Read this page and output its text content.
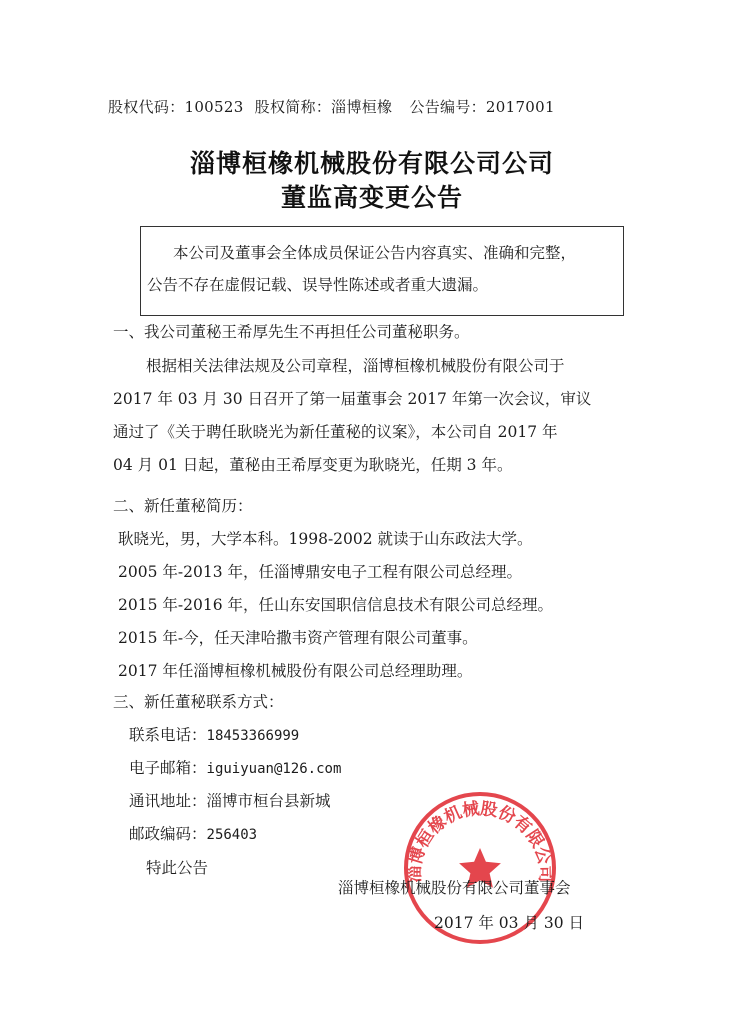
股权代码：100523 股权简称：淄博桓橡 公告编号：2017001
淄博桓橡机械股份有限公司公司
董监高变更公告

本公司及董事会全体成员保证公告内容真实、准确和完整，

公告不存在虚假记载、误导性陈述或者重大遗漏。

一、我公司董秘王希厚先生不再担任公司董秘职务。

根据相关法律法规及公司章程，淄博桓橡机械股份有限公司于

2017 年 03 月 30 日召开了第一届董事会 2017 年第一次会议，审议

通过了《关于聘任耿晓光为新任董秘的议案》，本公司自 2017 年

04 月 01 日起，董秘由王希厚变更为耿晓光，任期 3 年。

二、新任董秘简历：

耿晓光，男，大学本科。1998-2002 就读于山东政法大学。

2005 年-2013 年，任淄博鼎安电子工程有限公司总经理。

2015 年-2016 年，任山东安国职信信息技术有限公司总经理。

2015 年-今，任天津哈撒韦资产管理有限公司董事。

2017 年任淄博桓橡机械股份有限公司总经理助理。

三、新任董秘联系方式：

联系电话：18453366999

电子邮箱：iguiyuan@126.com

通讯地址：淄博市桓台县新城

邮政编码：256403

特此公告	淄博桓橡机械股份有限公司

淄博桓橡机械股份有限公司董事会

2017 年 03 月 30 日
